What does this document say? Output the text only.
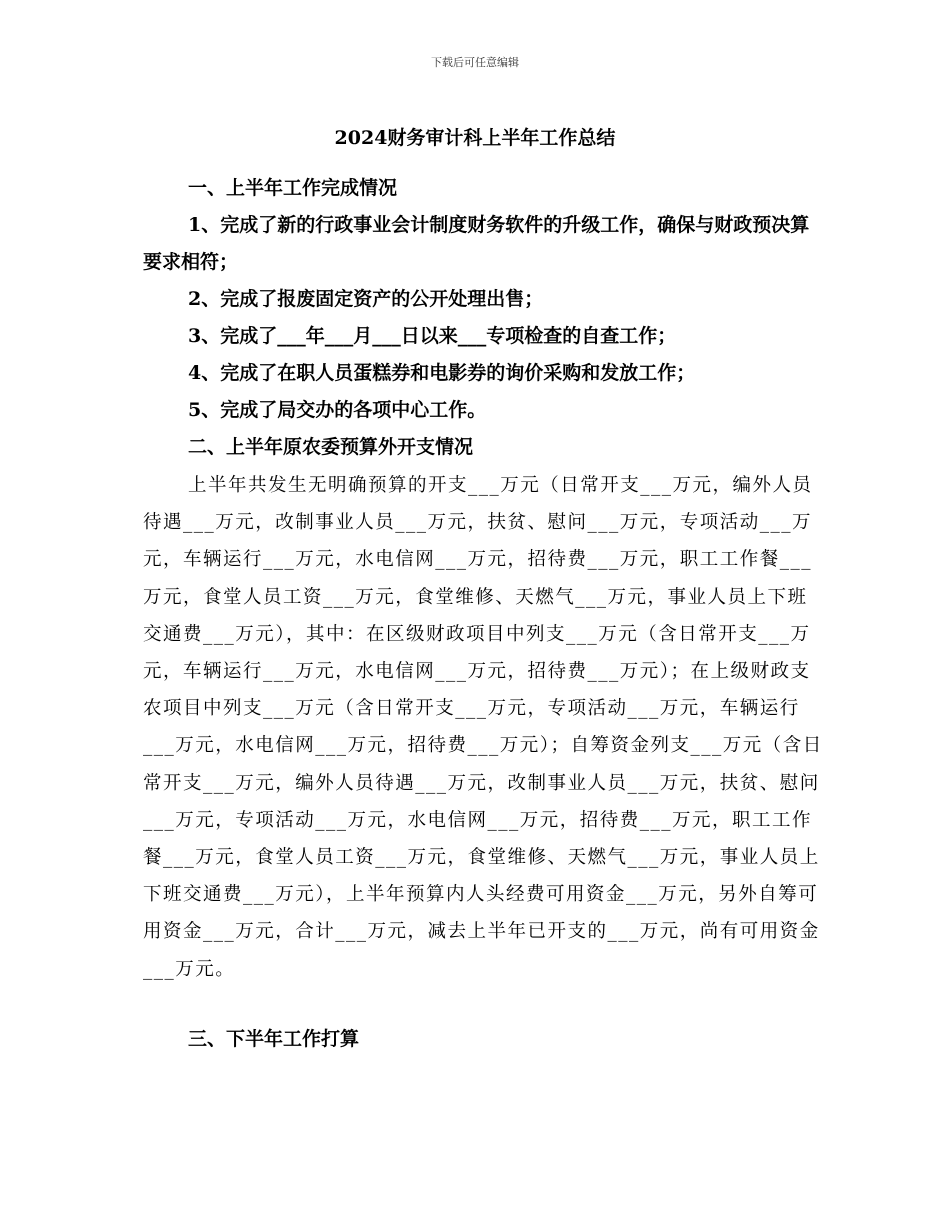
下载后可任意编辑
2024财务审计科上半年工作总结

一、上半年工作完成情况

1、完成了新的行政事业会计制度财务软件的升级工作，确保与财政预决算要求相符；

2、完成了报废固定资产的公开处理出售；

3、完成了___年___月___日以来___专项检查的自查工作；

4、完成了在职人员蛋糕券和电影券的询价采购和发放工作；

5、完成了局交办的各项中心工作。

二、上半年原农委预算外开支情况

上半年共发生无明确预算的开支___万元（日常开支___万元，编外人员待遇___万元，改制事业人员___万元，扶贫、慰问___万元，专项活动___万元，车辆运行___万元，水电信网___万元，招待费___万元，职工工作餐___万元，食堂人员工资___万元，食堂维修、天燃气___万元，事业人员上下班交通费___万元），其中：在区级财政项目中列支___万元（含日常开支___万元，车辆运行___万元，水电信网___万元，招待费___万元）；在上级财政支农项目中列支___万元（含日常开支___万元，专项活动___万元，车辆运行___万元，水电信网___万元，招待费___万元）；自筹资金列支___万元（含日常开支___万元，编外人员待遇___万元，改制事业人员___万元，扶贫、慰问___万元，专项活动___万元，水电信网___万元，招待费___万元，职工工作餐___万元，食堂人员工资___万元，食堂维修、天燃气___万元，事业人员上下班交通费___万元），上半年预算内人头经费可用资金___万元，另外自筹可用资金___万元，合计___万元，减去上半年已开支的___万元，尚有可用资金___万元。

三、下半年工作打算
